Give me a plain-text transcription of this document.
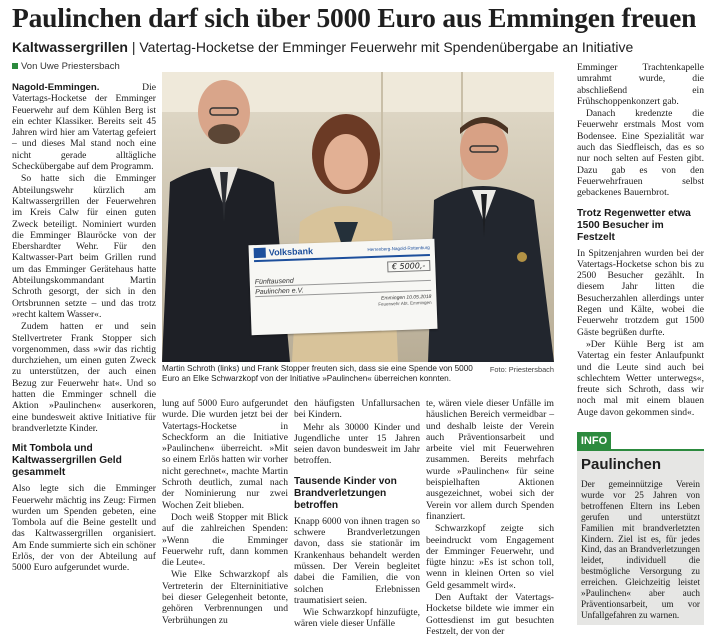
Paulinchen darf sich über 5000 Euro aus Emmingen freuen
Kaltwassergrillen | Vatertag-Hocketse der Emminger Feuerwehr mit Spendenübergabe an Initiative
Von Uwe Priestersbach

Nagold-Emmingen.	Die Vatertags-Hocketse der Emminger Feuerwehr auf dem Kühlen Berg ist ein echter Klassiker. Bereits seit 45 Jahren wird hier am Vatertag gefeiert – und dieses Mal stand noch eine nicht gerade alltägliche Scheckübergabe auf dem Programm.

So hatte sich die Emminger Abteilungswehr kürzlich am Kaltwassergrillen der Feuerwehren im Kreis Calw für einen guten Zweck beteiligt. Nominiert wurden die Emminger Blauröcke von der Ebershardter Wehr. Für den Kaltwasser-Part beim Grillen rund um das Emminger Gerätehaus hatte Abteilungskommandant Martin Schroth gesorgt, der sich in den Ortsbrunnen setzte – und das trotz »recht kaltem Wasser«.

Zudem hatten er und sein Stellvertreter Frank Stopper sich vorgenommen, dass »wir das richtig durchziehen, um einen guten Zweck zu unterstützen, der auch einen Bezug zur Feuerwehr hat«. Und so hatten die Emminger schnell die Aktion »Paulinchen« auserkoren, eine bundesweit aktive Initiative für brandverletzte Kinder.

Mit Tombola und Kaltwassergrillen Geld gesammelt

Also legte sich die Emminger Feuerwehr mächtig ins Zeug: Firmen wurden um Spenden gebeten, eine Tombola auf die Beine gestellt und das Kaltwassergrillen organisiert. Am Ende summierte sich ein schöner Erlös, der von der Abteilung auf 5000 Euro aufgerundet wurde.

Volksbank	Herrenberg-Nagold-Rottenburg
€ 5000,-
Fünftausend
Paulinchen e.V.
Emmingen 10.05.2018
Feuerwehr Abt. Emmingen
Foto: Priestersbach
Martin Schroth (links) und Frank Stopper freuten sich, dass sie eine Spende von 5000 Euro an Elke Schwarzkopf von der Initiative »Paulinchen« überreichen konnten.

lung auf 5000 Euro aufgerundet wurde. Die wurden jetzt bei der Vatertags-Hocketse in Scheckform an die Initiative »Paulinchen« überreicht. »Mit so einem Erlös hatten wir vorher nicht gerechnet«, machte Martin Schroth deutlich, zumal nach der Nominierung nur zwei Wochen Zeit blieben.

Doch weiß Stopper mit Blick auf die zahlreichen Spenden: »Wenn die Emminger Feuerwehr ruft, dann kommen die Leute«.

Wie Elke Schwarzkopf als Vertreterin der Elterninitiative bei dieser Gelegenheit betonte, gehören Verbrennungen und Verbrühungen zu

den häufigsten Unfallursachen bei Kindern.

Mehr als 30000 Kinder und Jugendliche unter 15 Jahren seien davon bundesweit im Jahr betroffen.

Tausende Kinder von Brandverletzungen betroffen

Knapp 6000 von ihnen tragen so schwere Brandverletzungen davon, dass sie stationär im Krankenhaus behandelt werden müssen. Der Verein begleitet dabei die Familien, die von solchen Erlebnissen traumatisiert seien.

Wie Schwarzkopf hinzufügte, wären viele dieser Unfälle

te, wären viele dieser Unfälle im häuslichen Bereich vermeidbar – und deshalb leiste der Verein auch Präventionsarbeit und arbeite viel mit Feuerwehren zusammen. Bereits mehrfach wurde »Paulinchen« für seine beispielhaften Aktionen ausgezeichnet, wobei sich der Verein vor allem durch Spenden finanziert.

Schwarzkopf zeigte sich beeindruckt vom Engagement der Emminger Feuerwehr, und fügte hinzu: »Es ist schon toll, wenn in kleinen Orten so viel Geld gesammelt wird«.

Den Auftakt der Vatertags-Hocketse bildete wie immer ein Gottesdienst im gut besuchten Festzelt, der von der

Emminger Trachtenkapelle umrahmt wurde, die abschließend ein Frühschoppenkonzert gab.

Danach kredenzte die Feuerwehr erstmals Most vom Bodensee. Eine Spezialität war auch das Siedfleisch, das es so nur noch selten auf Festen gibt. Dazu gab es von den Feuerwehrfrauen selbst gebackenes Bauernbrot.

Trotz Regenwetter etwa 1500 Besucher im Festzelt

In Spitzenjahren wurden bei der Vatertags-Hocketse schon bis zu 2500 Besucher gezählt. In diesem Jahr litten die Besucherzahlen allerdings unter Regen und Kälte, wobei die Feuerwehr trotzdem gut 1500 Gäste begrüßen durfte.

»Der Kühle Berg ist am Vatertag ein fester Anlaufpunkt und die Leute sind auch bei schlechtem Wetter unterwegs«, freute sich Schroth, dass wir noch mal mit einem blauen Auge davon gekommen sind«.

INFO
Paulinchen

Der gemeinnützige Verein wurde vor 25 Jahren von betroffenen Eltern ins Leben gerufen und unterstützt Familien mit brandverletzten Kindern. Ziel ist es, für jedes Kind, das an Brandverletzungen leidet, individuell die bestmögliche Versorgung zu erreichen. Gleichzeitig leistet »Paulinchen« aber auch Präventionsarbeit, um vor Unfallgefahren zu warnen.
